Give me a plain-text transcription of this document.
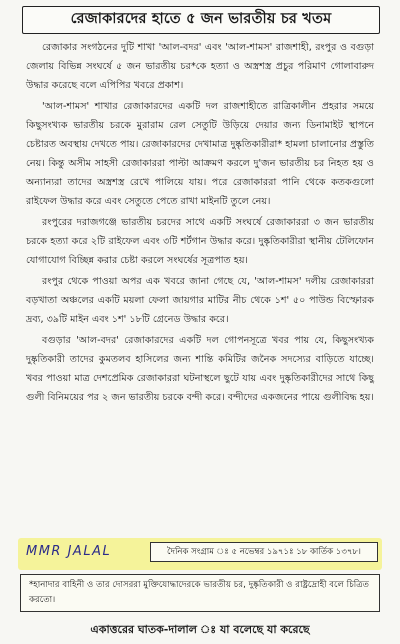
রেজাকারদের হাতে ৫ জন ভারতীয় চর খতম

রেজাকার সংগঠনের দুটি শাখা 'আল-বদর' এবং 'আল-শামস' রাজশাহী, রংপুর ও বগুড়া জেলায় বিভিন্ন সংঘর্ষে ৫ জন ভারতীয় চর*কে হত্যা ও অস্ত্রশস্ত্র প্রচুর পরিমাণ গোলাবারুদ উদ্ধার করেছে বলে এপিপির খবরে প্রকাশ।

'আল-শামস' শাখার রেজাকারদের একটি দল রাজশাহীতে রাত্রিকালীন প্রহরার সময়ে কিছুসংখ্যক ভারতীয় চরকে মুরারাম রেল সেতুটি উড়িয়ে দেয়ার জন্য ডিনামাইট স্থাপনে চেষ্টারত অবস্থায় দেখতে পায়। রেজাকারদের দেখামাত্র দুষ্কৃতিকারীরা* হামলা চালানোর প্রস্তুতি নেয়। কিন্তু অসীম সাহসী রেজাকাররা পাল্টা আক্রমণ করলে দু'জন ভারতীয় চর নিহত হয় ও অন্যান্যরা তাদের অস্ত্রশস্ত্র রেখে পালিয়ে যায়। পরে রেজাকাররা পানি থেকে কতকগুলো রাইফেল উদ্ধার করে এবং সেতুতে পেতে রাখা মাইনটি তুলে নেয়।

রংপুরের দরাজগঞ্জে ভারতীয় চরদের সাথে একটি সংঘর্ষে রেজাকাররা ৩ জন ভারতীয় চরকে হত্যা করে ২টি রাইফেল এবং ৩টি শর্টগান উদ্ধার করে। দুষ্কৃতিকারীরা স্থানীয় টেলিফোন যোগাযোগ বিচ্ছিন্ন করার চেষ্টা করলে সংঘর্ষের সূত্রপাত হয়।

রংপুর থেকে পাওয়া অপর এক খবরে জানা গেছে যে, 'আল-শামস' দলীয় রেজাকাররা বড়খাতা অঞ্চলের একটি ময়লা ফেলা জায়গার মাটির নীচ থেকে ১শ' ৫০ পাউন্ড বিস্ফোরক দ্রব্য, ৩৯টি মাইন এবং ১শ' ১৮টি গ্রেনেড উদ্ধার করে।

বগুড়ার 'আল-বদর' রেজাকারদের একটি দল গোপনসূত্রে খবর পায় যে, কিছুসংখ্যক দুষ্কৃতিকারী তাদের কুমতলব হাসিলের জন্য শান্তি কমিটির জনৈক সদস্যের বাড়িতে যাচ্ছে। খবর পাওয়া মাত্র দেশপ্রেমিক রেজাকাররা ঘটনাস্থলে ছুটে যায় এবং দুষ্কৃতিকারীদের সাথে কিছু গুলী বিনিময়ের পর ২ জন ভারতীয় চরকে বন্দী করে। বন্দীদের একজনের পায়ে গুলীবিদ্ধ হয়।

MMR JALAL	দৈনিক সংগ্রাম ঃ ৫ নভেম্বর ১৯৭১ঃ ১৮ কার্তিক ১৩৭৮।
*হানাদার বাহিনী ও তার দোসররা মুক্তিযোদ্ধাদেরকে ভারতীয় চর, দুষ্কৃতিকারী ও রাষ্ট্রদ্রোহী বলে চিত্রিত করতো।
একাত্তরের ঘাতক-দালাল ঃ যা বলেছে যা করেছে
